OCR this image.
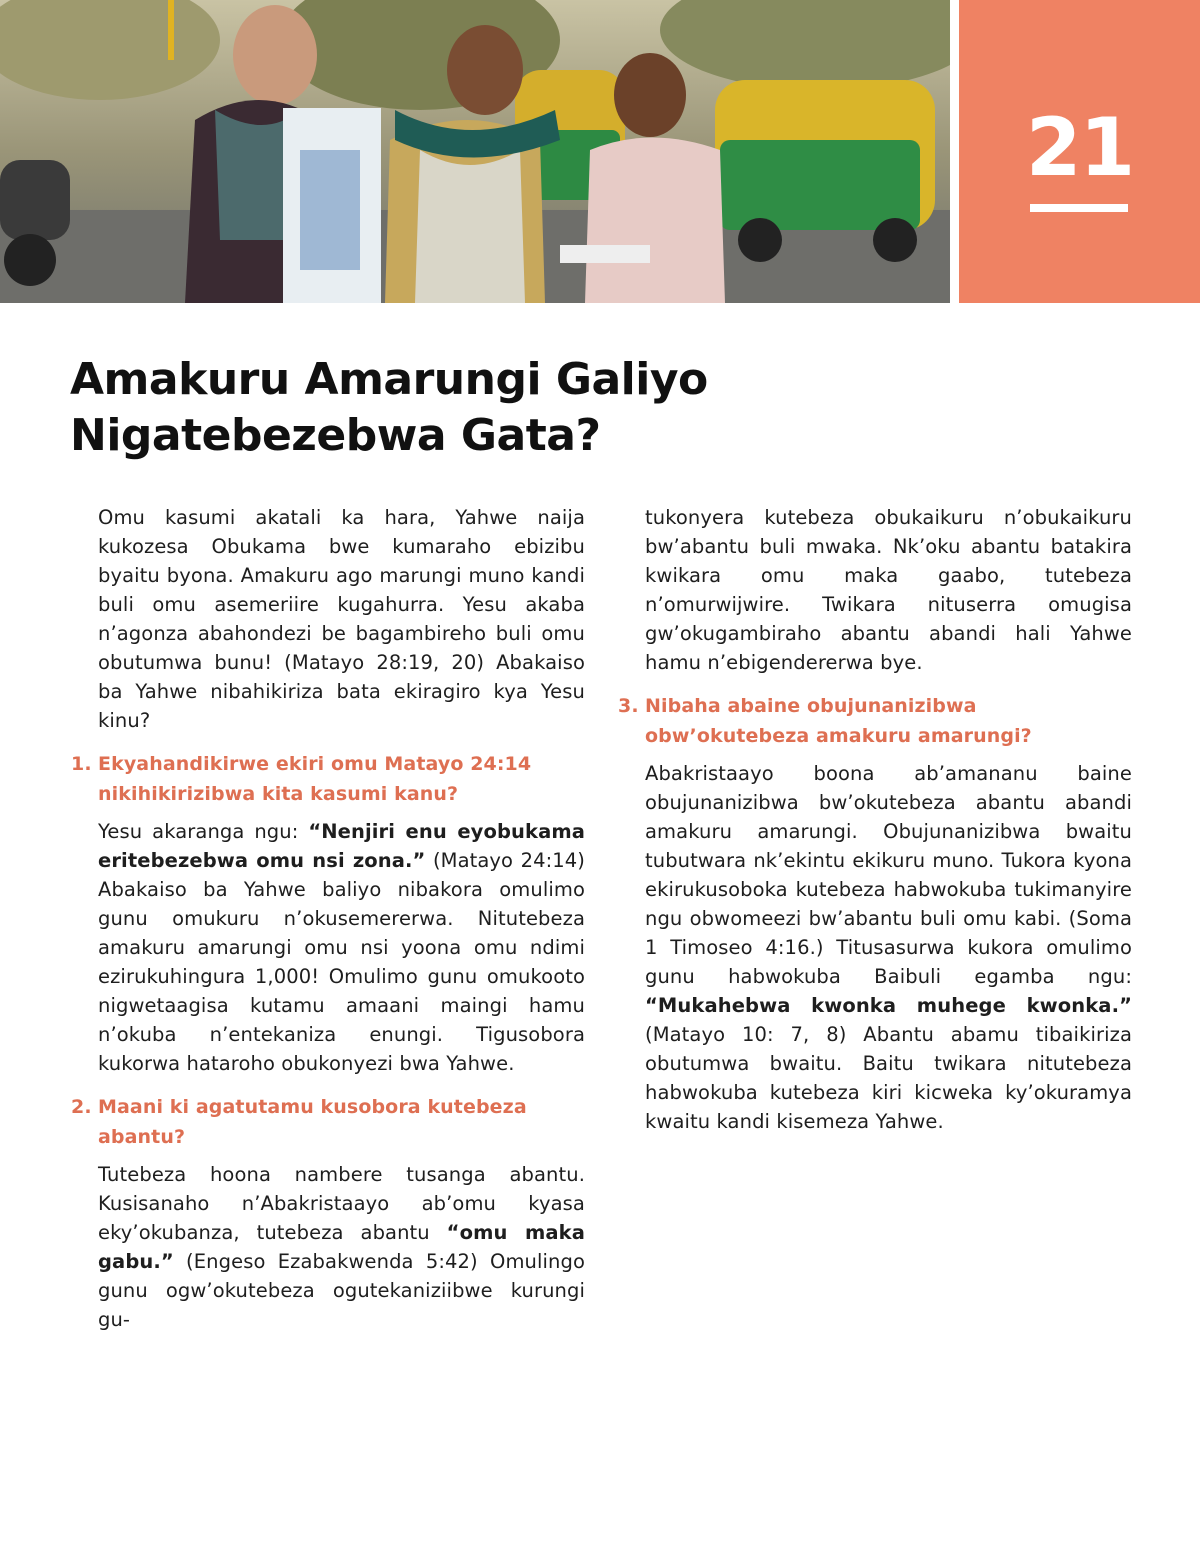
21
Amakuru Amarungi Galiyo
Nigatebezebwa Gata?

Omu kasumi akatali ka hara, Yahwe naija kukozesa Obukama bwe kumaraho ebizibu byaitu byona. Amakuru ago marungi muno kandi buli omu asemeriire kugahurra. Yesu akaba n’agonza abahondezi be bagambireho buli omu obutumwa bunu! (Matayo 28:19, 20) Abakaiso ba Yahwe nibahikiriza bata ekiragiro kya Yesu kinu?

1. Ekyahandikirwe ekiri omu Matayo 24:14 nikihikirizibwa kita kasumi kanu?

Yesu akaranga ngu: “Nenjiri enu eyobukama eritebezebwa omu nsi zona.” (Matayo 24:14) Abakaiso ba Yahwe baliyo nibakora omulimo gunu omukuru n’okusemererwa. Nitutebeza amakuru amarungi omu nsi yoona omu ndimi ezirukuhingura 1,000! Omulimo gunu omukooto nigwetaagisa kutamu amaani maingi hamu n’okuba n’entekaniza enungi. Tigusobora kukorwa hataroho obukonyezi bwa Yahwe.

2. Maani ki agatutamu kusobora kutebeza abantu?

Tutebeza hoona nambere tusanga abantu. Kusisanaho n’Abakristaayo ab’omu kyasa eky’okubanza, tutebeza abantu “omu maka gabu.” (Engeso Ezabakwenda 5:42) Omulingo gunu ogw’okutebeza ogutekaniziibwe kurungi gu-

tukonyera kutebeza obukaikuru n’obukaikuru bw’abantu buli mwaka. Nk’oku abantu batakira kwikara omu maka gaabo, tutebeza n’omurwijwire. Twikara nituserra omugisa gw’okugambiraho abantu abandi hali Yahwe hamu n’ebigendererwa bye.

3. Nibaha abaine obujunanizibwa obw’okutebeza amakuru amarungi?

Abakristaayo boona ab’amananu baine obujunanizibwa bw’okutebeza abantu abandi amakuru amarungi. Obujunanizibwa bwaitu tubutwara nk’ekintu ekikuru muno. Tukora kyona ekirukusoboka kutebeza habwokuba tukimanyire ngu obwomeezi bw’abantu buli omu kabi. (Soma 1 Timoseo 4:16.) Titusasurwa kukora omulimo gunu habwokuba Baibuli egamba ngu: “Mukahebwa kwonka muhege kwonka.” (Matayo 10: 7, 8) Abantu abamu tibaikiriza obutumwa bwaitu. Baitu twikara nitutebeza habwokuba kutebeza kiri kicweka ky’okuramya kwaitu kandi kisemeza Yahwe.
